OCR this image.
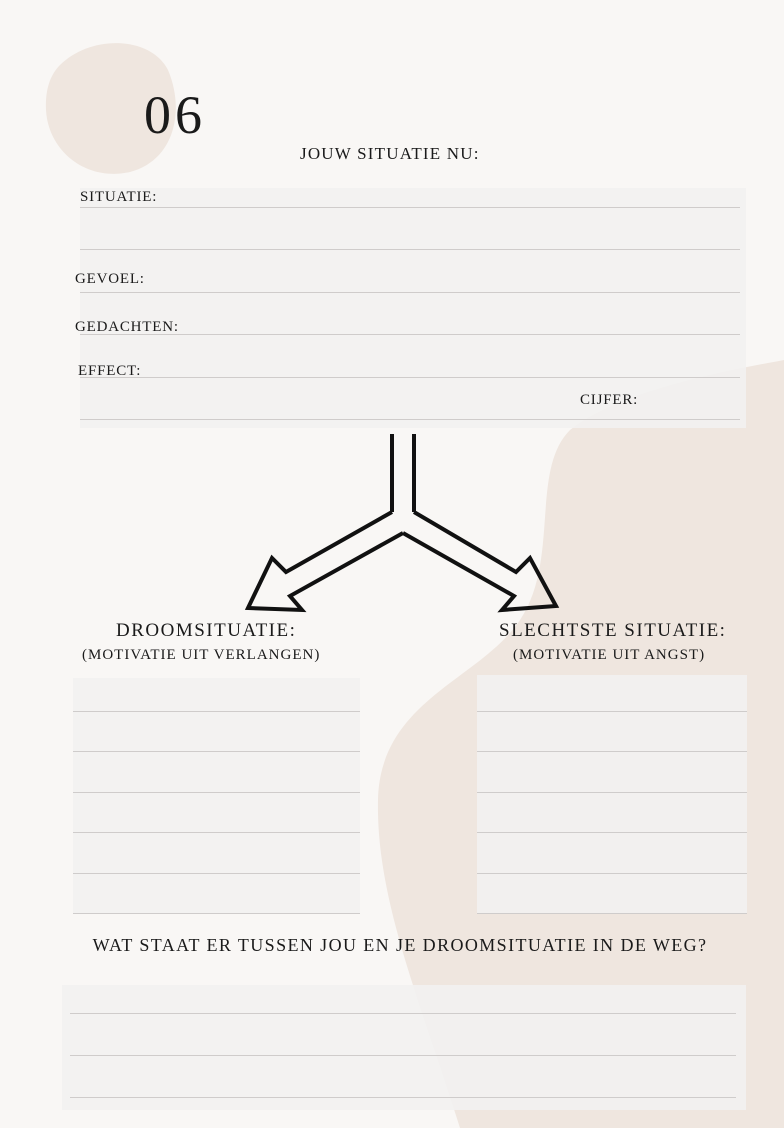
06
JOUW SITUATIE NU:
SITUATIE:
GEVOEL:
GEDACHTEN:
EFFECT:
CIJFER:
DROOMSITUATIE:
(MOTIVATIE UIT VERLANGEN)
SLECHTSTE SITUATIE:
(MOTIVATIE UIT ANGST)
WAT STAAT ER TUSSEN JOU EN JE DROOMSITUATIE IN DE WEG?
